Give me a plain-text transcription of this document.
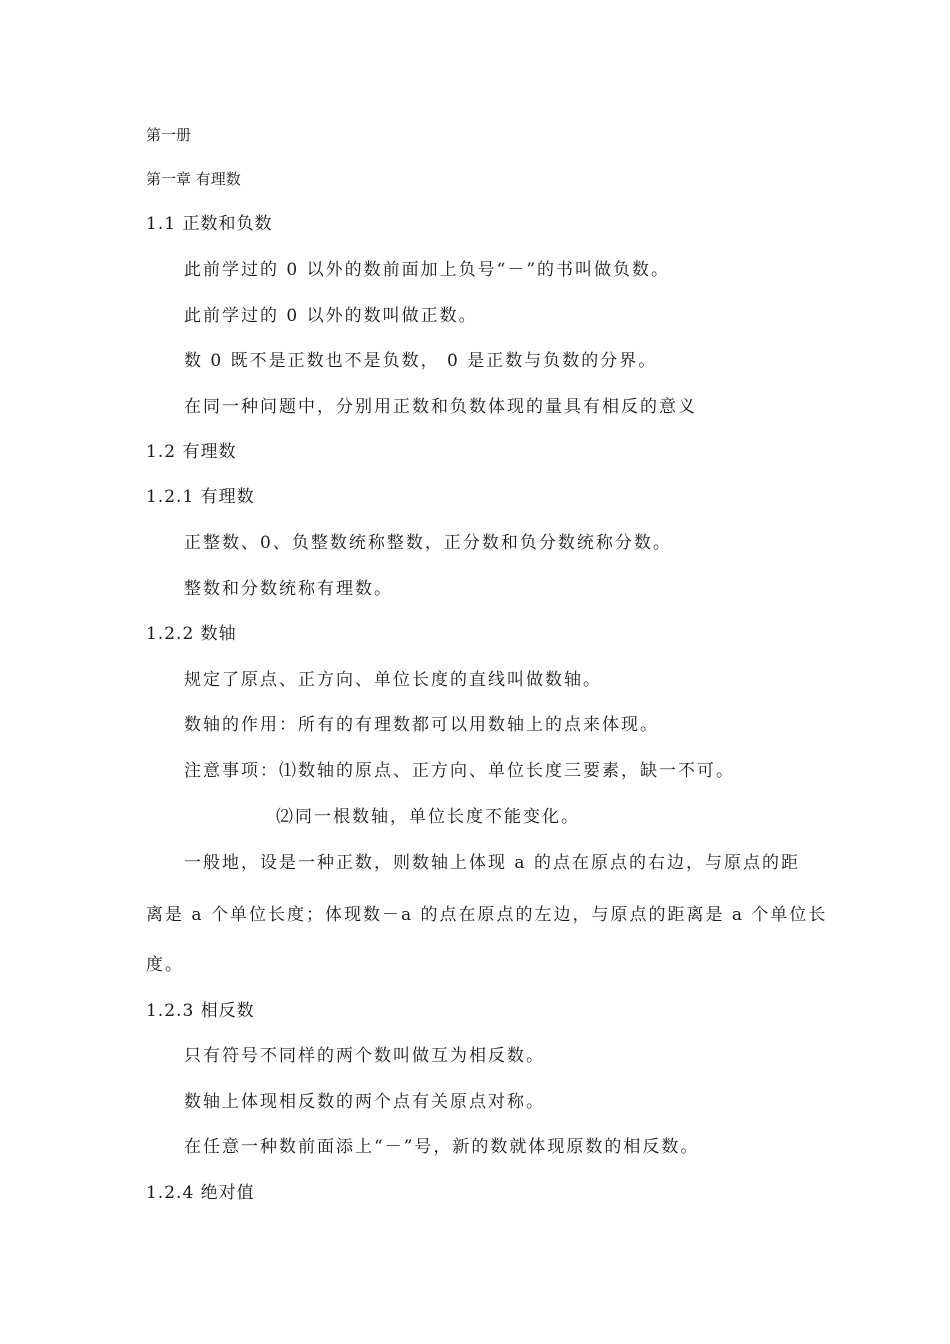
第一册
第一章 有理数
1.1 正数和负数
此前学过的 0 以外的数前面加上负号“－”的书叫做负数。
此前学过的 0 以外的数叫做正数。
数 0 既不是正数也不是负数， 0 是正数与负数的分界。
在同一种问题中，分别用正数和负数体现的量具有相反的意义
1.2 有理数
1.2.1 有理数
正整数、0、负整数统称整数，正分数和负分数统称分数。
整数和分数统称有理数。
1.2.2 数轴
规定了原点、正方向、单位长度的直线叫做数轴。
数轴的作用：所有的有理数都可以用数轴上的点来体现。
注意事项：⑴数轴的原点、正方向、单位长度三要素，缺一不可。
⑵同一根数轴，单位长度不能变化。
一般地，设是一种正数，则数轴上体现 a 的点在原点的右边，与原点的距
离是 a 个单位长度；体现数－a 的点在原点的左边，与原点的距离是 a 个单位长
度。
1.2.3 相反数
只有符号不同样的两个数叫做互为相反数。
数轴上体现相反数的两个点有关原点对称。
在任意一种数前面添上“－”号，新的数就体现原数的相反数。
1.2.4 绝对值
